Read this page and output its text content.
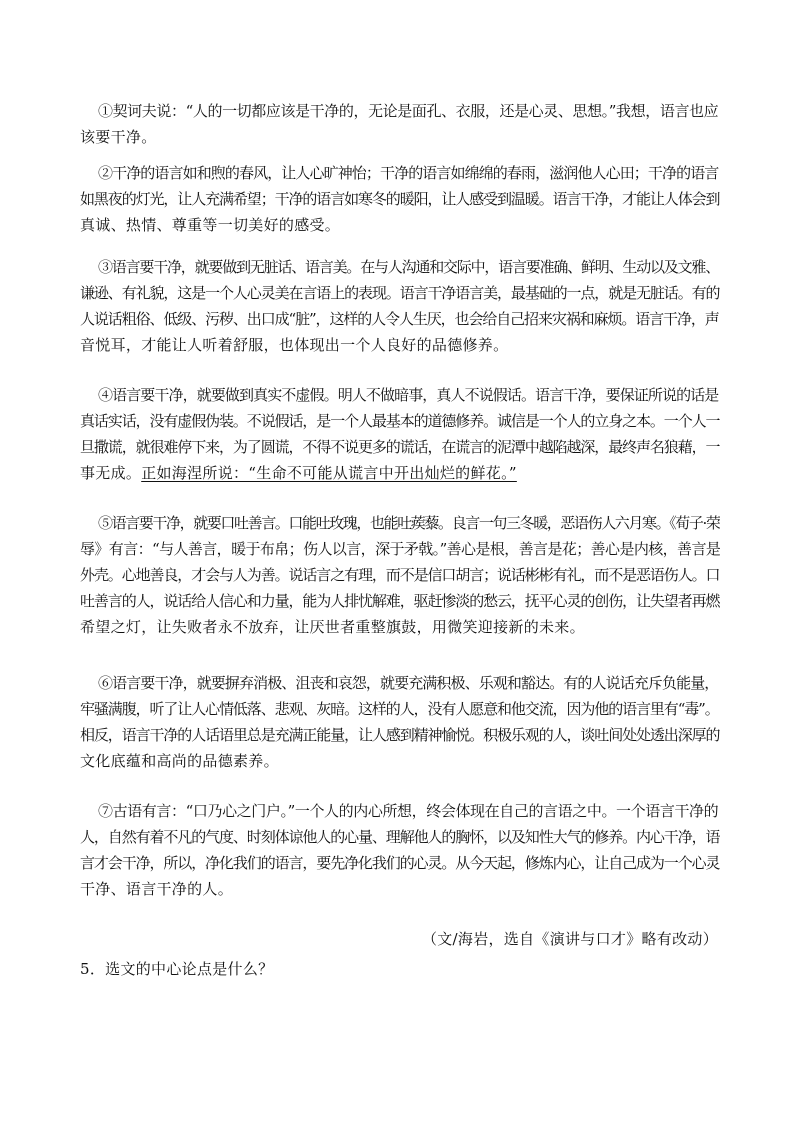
①契诃夫说：“人的一切都应该是干净的，无论是面孔、衣服，还是心灵、思想。”我想，语言也应
该要干净。
②干净的语言如和煦的春风，让人心旷神怡；干净的语言如绵绵的春雨，滋润他人心田；干净的语言
如黑夜的灯光，让人充满希望；干净的语言如寒冬的暖阳，让人感受到温暖。语言干净，才能让人体会到
真诚、热情、尊重等一切美好的感受。
③语言要干净，就要做到无脏话、语言美。在与人沟通和交际中，语言要准确、鲜明、生动以及文雅、
谦逊、有礼貌，这是一个人心灵美在言语上的表现。语言干净语言美，最基础的一点，就是无脏话。有的
人说话粗俗、低级、污秽、出口成“脏”，这样的人令人生厌，也会给自己招来灾祸和麻烦。语言干净，声
音悦耳，才能让人听着舒服，也体现出一个人良好的品德修养。
④语言要干净，就要做到真实不虚假。明人不做暗事，真人不说假话。语言干净，要保证所说的话是
真话实话，没有虚假伪装。不说假话，是一个人最基本的道德修养。诚信是一个人的立身之本。一个人一
旦撒谎，就很难停下来，为了圆谎，不得不说更多的谎话，在谎言的泥潭中越陷越深，最终声名狼藉，一
事无成。正如海涅所说：“生命不可能从谎言中开出灿烂的鲜花。”
⑤语言要干净，就要口吐善言。口能吐玫瑰，也能吐蒺藜。良言一句三冬暖，恶语伤人六月寒。《荀子·荣
辱》有言：“与人善言，暖于布帛；伤人以言，深于矛戟。”善心是根，善言是花；善心是内核，善言是
外壳。心地善良，才会与人为善。说话言之有理，而不是信口胡言；说话彬彬有礼，而不是恶语伤人。口
吐善言的人，说话给人信心和力量，能为人排忧解难，驱赶惨淡的愁云，抚平心灵的创伤，让失望者再燃
希望之灯，让失败者永不放弃，让厌世者重整旗鼓，用微笑迎接新的未来。
⑥语言要干净，就要摒弃消极、沮丧和哀怨，就要充满积极、乐观和豁达。有的人说话充斥负能量，
牢骚满腹，听了让人心情低落、悲观、灰暗。这样的人，没有人愿意和他交流，因为他的语言里有“毒”。
相反，语言干净的人话语里总是充满正能量，让人感到精神愉悦。积极乐观的人，谈吐间处处透出深厚的
文化底蕴和高尚的品德素养。
⑦古语有言：“口乃心之门户。”一个人的内心所想，终会体现在自己的言语之中。一个语言干净的
人，自然有着不凡的气度、时刻体谅他人的心量、理解他人的胸怀，以及知性大气的修养。内心干净，语
言才会干净，所以，净化我们的语言，要先净化我们的心灵。从今天起，修炼内心，让自己成为一个心灵
干净、语言干净的人。
（文/海岩，选自《演讲与口才》略有改动）
5．选文的中心论点是什么？
